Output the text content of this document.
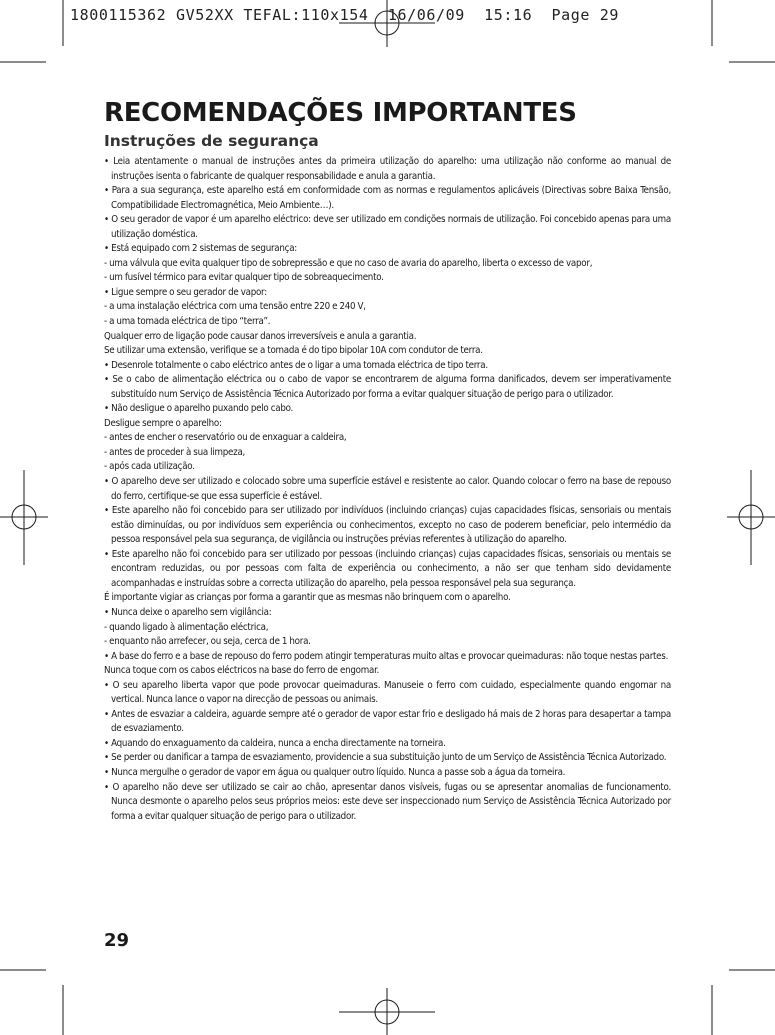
1800115362 GV52XX TEFAL:110x154  16/06/09  15:16  Page 29
RECOMENDAÇÕES IMPORTANTES
Instruções de segurança
• Leia atentamente o manual de instruções antes da primeira utilização do aparelho: uma utilização não conforme ao manual de instruções isenta o fabricante de qualquer responsabilidade e anula a garantia.
• Para a sua segurança, este aparelho está em conformidade com as normas e regulamentos aplicáveis (Directivas sobre Baixa Tensão, Compatibilidade Electromagnética, Meio Ambiente…).
• O seu gerador de vapor é um aparelho eléctrico: deve ser utilizado em condições normais de utilização. Foi concebido apenas para uma utilização doméstica.
• Está equipado com 2 sistemas de segurança:
- uma válvula que evita qualquer tipo de sobrepressão e que no caso de avaria do aparelho, liberta o excesso de vapor,
- um fusível térmico para evitar qualquer tipo de sobreaquecimento.
• Ligue sempre o seu gerador de vapor:
- a uma instalação eléctrica com uma tensão entre 220 e 240 V,
- a uma tomada eléctrica de tipo “terra”.
Qualquer erro de ligação pode causar danos irreversíveis e anula a garantia.
Se utilizar uma extensão, verifique se a tomada é do tipo bipolar 10A com condutor de terra.
• Desenrole totalmente o cabo eléctrico antes de o ligar a uma tomada eléctrica de tipo terra.
• Se o cabo de alimentação eléctrica ou o cabo de vapor se encontrarem de alguma forma danificados, devem ser imperativamente substituído num Serviço de Assistência Técnica Autorizado por forma a evitar qualquer situação de perigo para o utilizador.
• Não desligue o aparelho puxando pelo cabo.
Desligue sempre o aparelho:
- antes de encher o reservatório ou de enxaguar a caldeira,
- antes de proceder à sua limpeza,
- após cada utilização.
• O aparelho deve ser utilizado e colocado sobre uma superfície estável e resistente ao calor. Quando colocar o ferro na base de repouso do ferro, certifique-se que essa superfície é estável.
• Este aparelho não foi concebido para ser utilizado por indivíduos (incluindo crianças) cujas capacidades físicas, sensoriais ou mentais estão diminuídas, ou por indivíduos sem experiência ou conhecimentos, excepto no caso de poderem beneficiar, pelo intermédio da pessoa responsável pela sua segurança, de vigilância ou instruções prévias referentes à utilização do aparelho.
• Este aparelho não foi concebido para ser utilizado por pessoas (incluindo crianças) cujas capacidades físicas, sensoriais ou mentais se encontram reduzidas, ou por pessoas com falta de experiência ou conhecimento, a não ser que tenham sido devidamente acompanhadas e instruídas sobre a correcta utilização do aparelho, pela pessoa responsável pela sua segurança.
É importante vigiar as crianças por forma a garantir que as mesmas não brinquem com o aparelho.
• Nunca deixe o aparelho sem vigilância:
- quando ligado à alimentação eléctrica,
- enquanto não arrefecer, ou seja, cerca de 1 hora.
• A base do ferro e a base de repouso do ferro podem atingir temperaturas muito altas e provocar queimaduras: não toque nestas partes.
Nunca toque com os cabos eléctricos na base do ferro de engomar.
• O seu aparelho liberta vapor que pode provocar queimaduras. Manuseie o ferro com cuidado, especialmente quando engomar na vertical. Nunca lance o vapor na direcção de pessoas ou animais.
• Antes de esvaziar a caldeira, aguarde sempre até o gerador de vapor estar frio e desligado há mais de 2 horas para desapertar a tampa de esvaziamento.
• Aquando do enxaguamento da caldeira, nunca a encha directamente na torneira.
• Se perder ou danificar a tampa de esvaziamento, providencie a sua substituição junto de um Serviço de Assistência Técnica Autorizado.
• Nunca mergulhe o gerador de vapor em água ou qualquer outro líquido. Nunca a passe sob a água da torneira.
• O aparelho não deve ser utilizado se cair ao chão, apresentar danos visíveis, fugas ou se apresentar anomalias de funcionamento. Nunca desmonte o aparelho pelos seus próprios meios: este deve ser inspeccionado num Serviço de Assistência Técnica Autorizado por forma a evitar qualquer situação de perigo para o utilizador.
29
